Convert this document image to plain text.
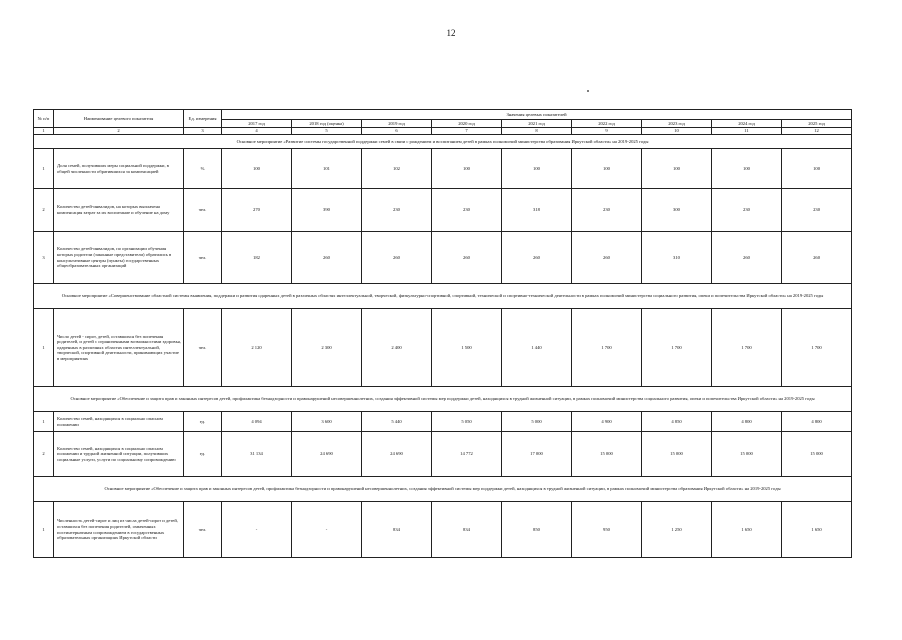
12
№ п/п	Наименование целевого показателя	Ед. измерения	Значения целевых показателей								
			2017 год	2018 год (оценка)	2019 год	2020 год	2021 год	2022 год	2023 год	2024 год	2025 год
1	2	3	4	5	6	7	8	9	10	11	12
Основное мероприятие «Развитие системы государственной поддержки семей в связи с рождением и воспитанием детей в рамках полномочий министерства образования Иркутской области» на 2019-2025 годы											
1	Доля семей, получивших меры социальной поддержки, в общей численности обратившихся за компенсацией	%	100	101	102	100	100	100	100	100	100
2	Количество детей-инвалидов, на которых выплачена компенсация затрат за их воспитание и обучение на дому	чел.	270	390	230	230	318	230	300	230	230
3	Количество детей-инвалидов, по организации обучения которых родители (законные представители) обратились в консультативные центры (пункты) государственных общеобразовательных организаций	чел.	182	260	260	260	260	260	310	260	260
Основное мероприятие «Совершенствование областной системы выявления, поддержки и развития одаренных детей в различных областях интеллектуальной, творческой, физкультурно-спортивной, спортивной, технической и спортивно-технической деятельности в рамках полномочий министерства социального развития, опеки и попечительства Иркутской области» на 2019-2025 годы											
1	Число детей - сирот, детей, оставшихся без попечения родителей, и детей с ограниченными возможностями здоровья, одаренных в различных областях интеллектуальной, творческой, спортивной деятельности, принимающих участие в мероприятиях	чел.	2 120	2 300	2 400	1 500	1 440	1 700	1 700	1 700	1 700
Основное мероприятие «Обеспечение и защита прав и законных интересов детей, профилактика безнадзорности и правонарушений несовершеннолетних, создания эффективной системы мер поддержки детей, находящихся в трудной жизненной ситуации, в рамках полномочий министерства социального развития, опеки и попечительства Иркутской области» на 2019-2025 годы											
1	Количество семей, находящихся в социально опасном положении	ед.	4 094	3 600	5 440	5 050	5 000	4 900	4 850	4 800	4 800
2	Количество семей, находящихся в социально опасном положении и трудной жизненной ситуации, получивших социальные услуги, услуги по социальному сопровождению	ед.	31 134	24 690	24 690	14 772	17 000	15 000	15 000	15 000	15 000
Основное мероприятие «Обеспечение и защита прав и законных интересов детей, профилактика безнадзорности и правонарушений несовершеннолетних, создания эффективной системы мер поддержки детей, находящихся в трудной жизненной ситуации, в рамках полномочий министерства образования Иркутской области» на 2019-2025 годы											
1	Численность детей-сирот и лиц из числа детей-сирот и детей, оставшихся без попечения родителей, охваченных постинтернатным сопровождением в государственных образовательных организациях Иркутской области	чел.	-	-	834	834	850	950	1 250	1 650	1 650
